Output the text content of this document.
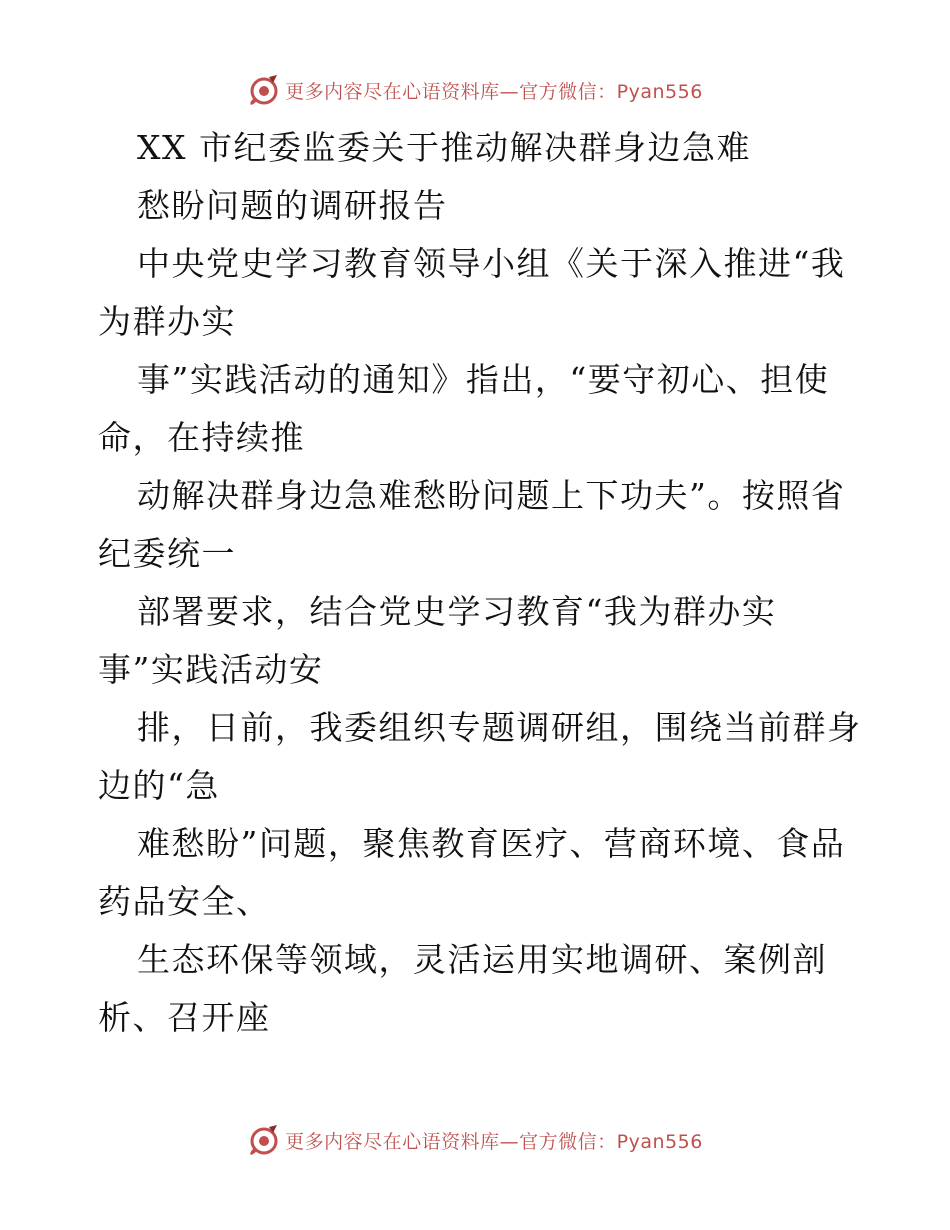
更多内容尽在心语资料库—官方微信：Pyan556
XX 市纪委监委关于推动解决群身边急难
愁盼问题的调研报告
中央党史学习教育领导小组《关于深入推进“我
为群办实
事”实践活动的通知》指出，“要守初心、担使
命，在持续推
动解决群身边急难愁盼问题上下功夫”。按照省
纪委统一
部署要求，结合党史学习教育“我为群办实
事”实践活动安
排，日前，我委组织专题调研组，围绕当前群身
边的“急
难愁盼”问题，聚焦教育医疗、营商环境、食品
药品安全、
生态环保等领域，灵活运用实地调研、案例剖
析、召开座
更多内容尽在心语资料库—官方微信：Pyan556
